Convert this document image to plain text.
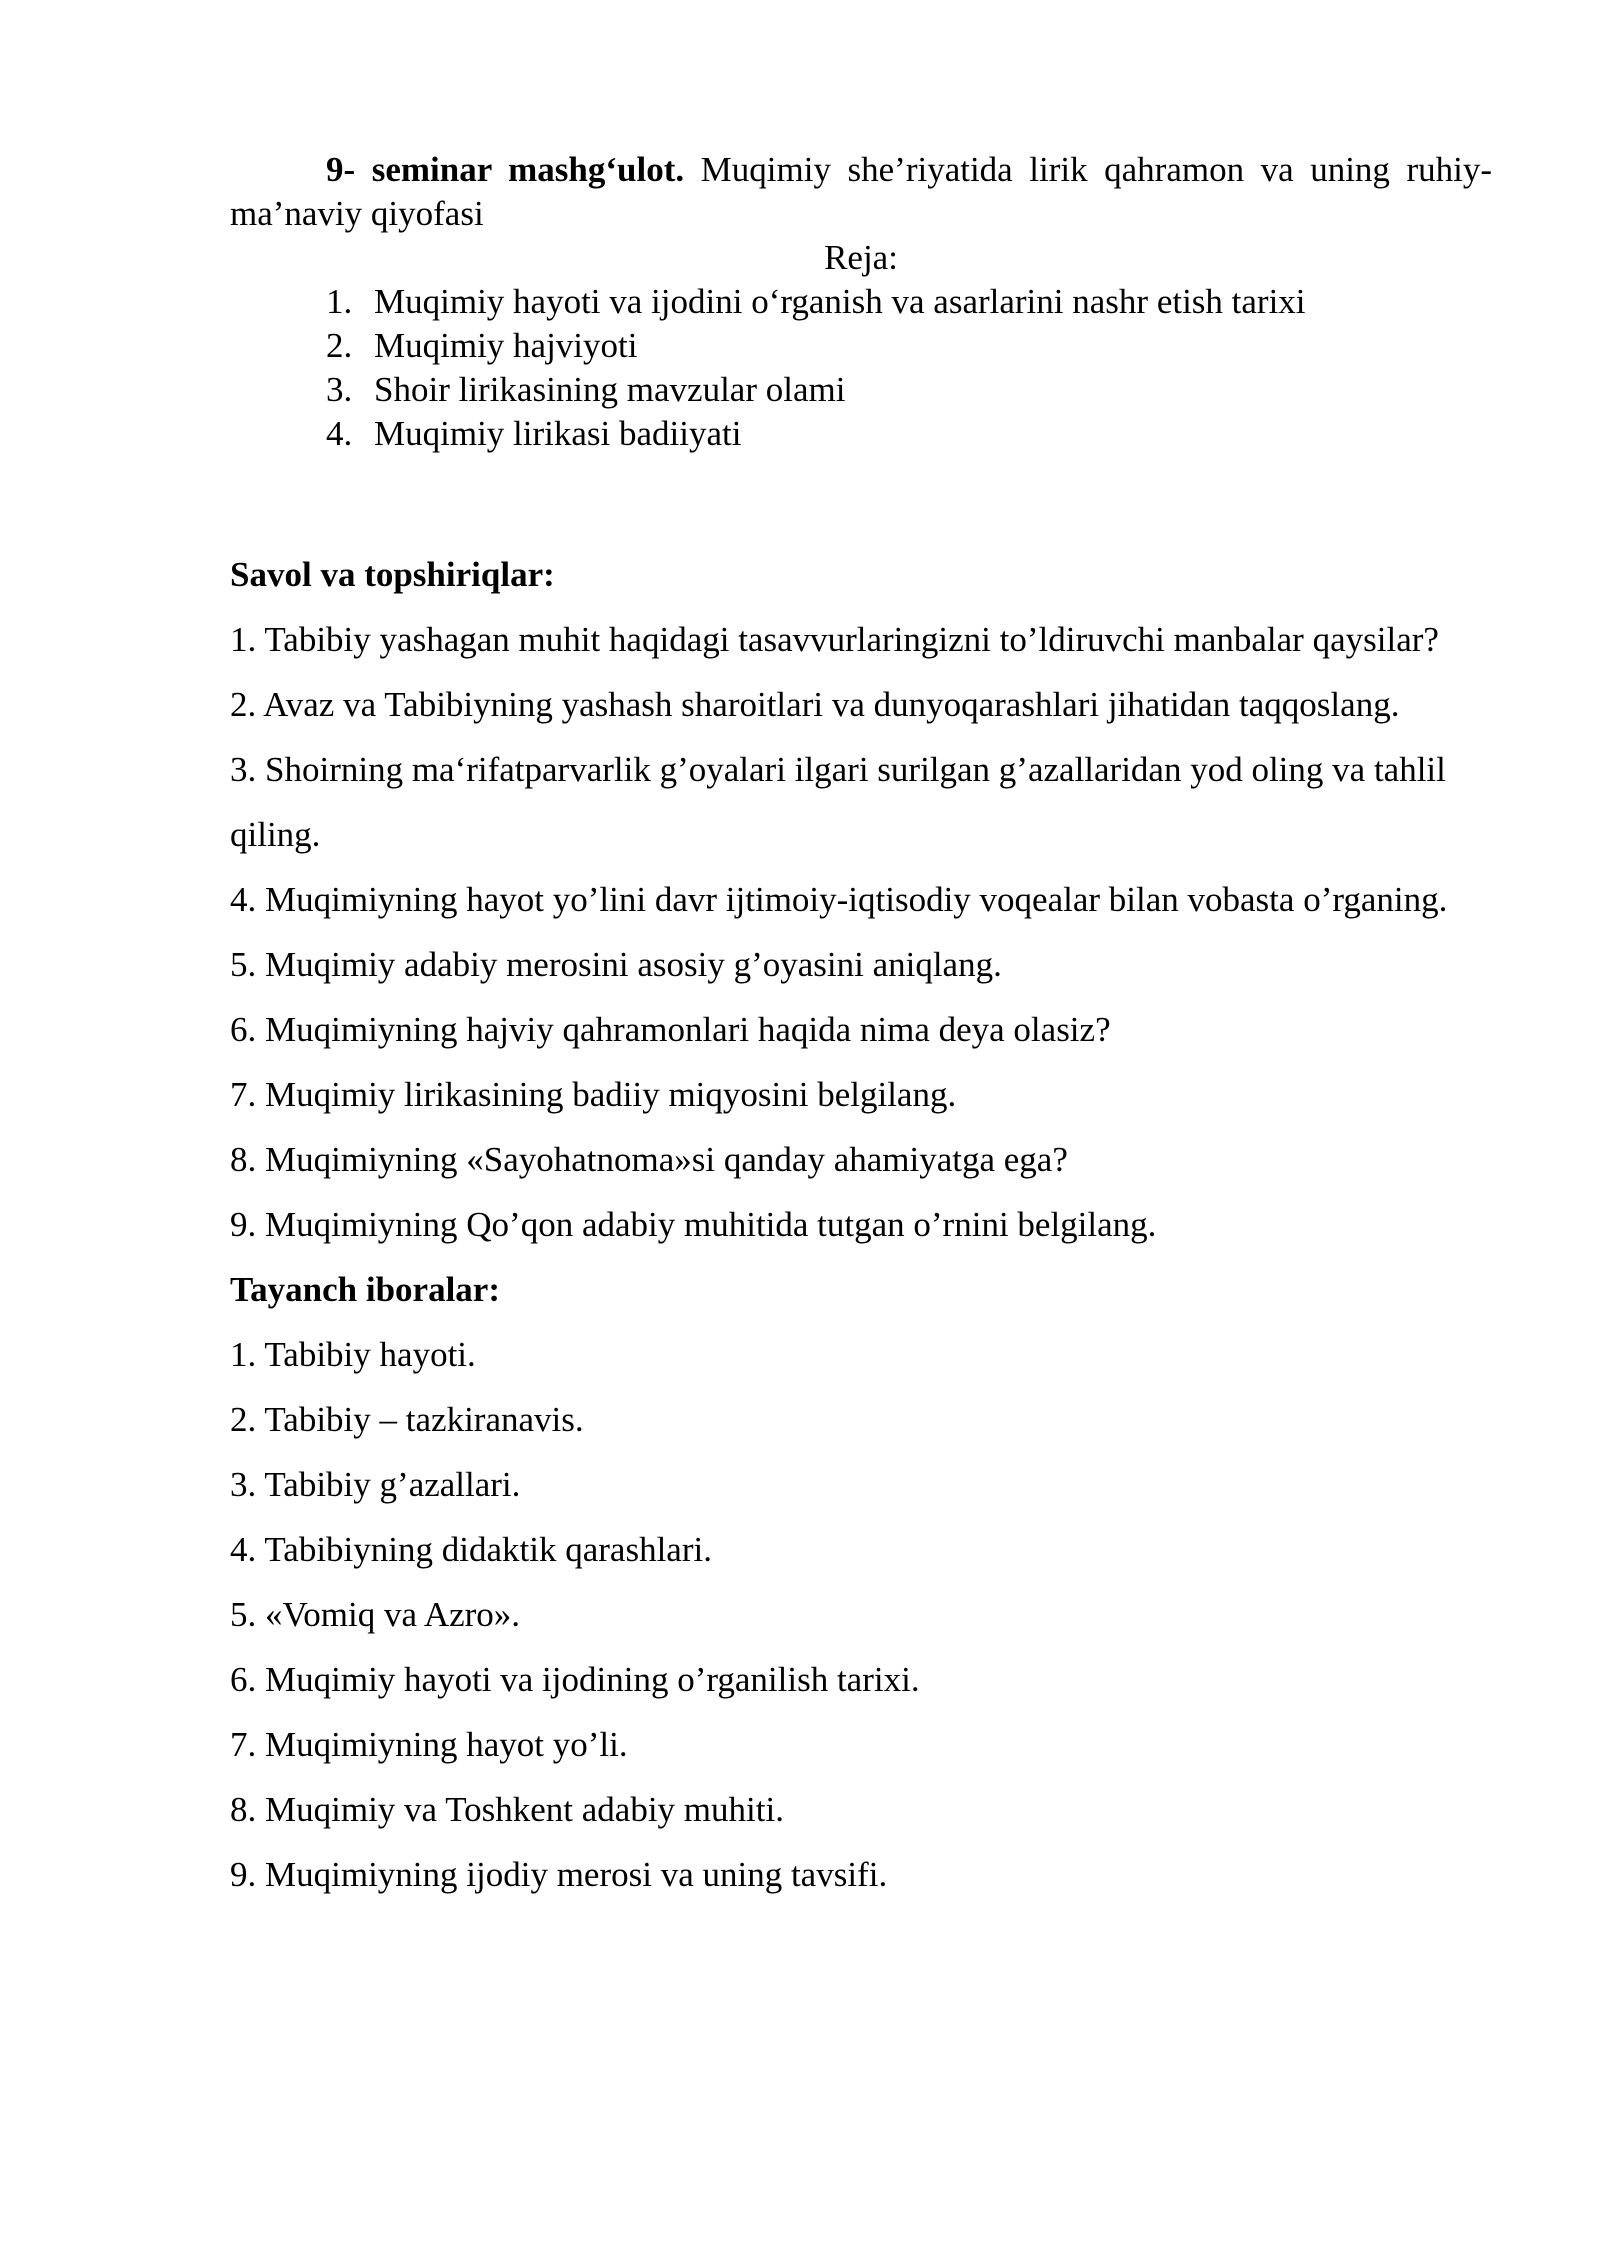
9- seminar mashg‘ulot. Muqimiy she’riyatida lirik qahramon va uning ruhiy-ma’naviy qiyofasi

Reja:

1. Muqimiy hayoti va ijodini o‘rganish va asarlarini nashr etish tarixi
2. Muqimiy hajviyoti
3. Shoir lirikasining mavzular olami
4. Muqimiy lirikasi badiiyati

Savol va topshiriqlar:

1. Tabibiy yashagan muhit haqidagi tasavvurlaringizni to’ldiruvchi manbalar qaysilar?
2. Avaz va Tabibiyning yashash sharoitlari va dunyoqarashlari jihatidan taqqoslang.
3. Shoirning ma‘rifatparvarlik g’oyalari ilgari surilgan g’azallaridan yod oling va tahlil qiling.
4. Muqimiyning hayot yo’lini davr ijtimoiy-iqtisodiy voqealar bilan vobasta o’rganing.
5. Muqimiy adabiy merosini asosiy g’oyasini aniqlang.
6. Muqimiyning hajviy qahramonlari haqida nima deya olasiz?
7. Muqimiy lirikasining badiiy miqyosini belgilang.
8. Muqimiyning «Sayohatnoma»si qanday ahamiyatga ega?
9. Muqimiyning Qo’qon adabiy muhitida tutgan o’rnini belgilang.

Tayanch iboralar:

1. Tabibiy hayoti.
2. Tabibiy – tazkiranavis.
3. Tabibiy g’azallari.
4. Tabibiyning didaktik qarashlari.
5. «Vomiq va Azro».
6. Muqimiy hayoti va ijodining o’rganilish tarixi.
7. Muqimiyning hayot yo’li.
8. Muqimiy va Toshkent adabiy muhiti.
9. Muqimiyning ijodiy merosi va uning tavsifi.
